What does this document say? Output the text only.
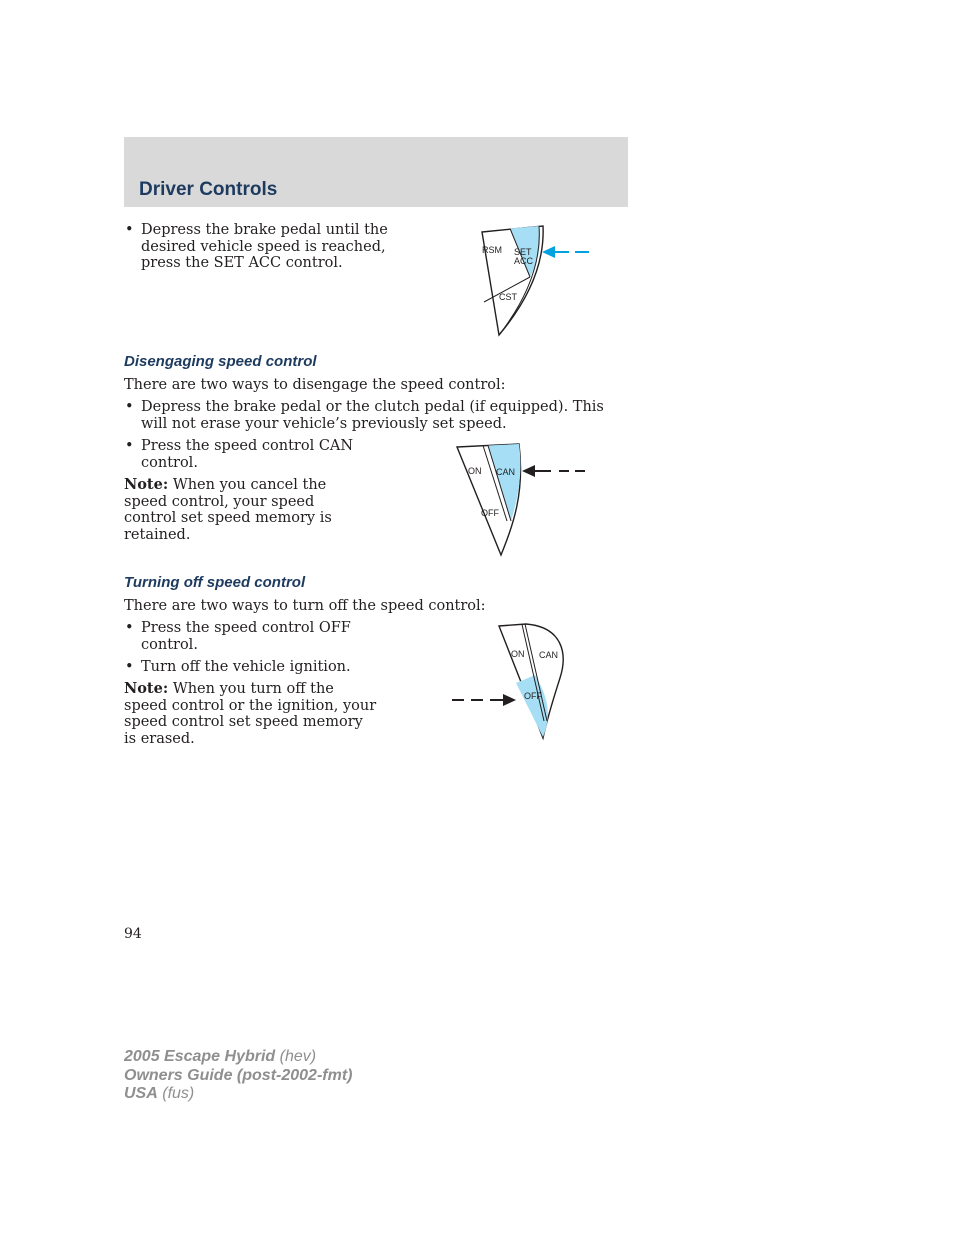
Driver Controls
• Depress the brake pedal until the desired vehicle speed is reached, press the SET ACC control.
RSM SET
ACC
CST
Disengaging speed control
There are two ways to disengage the speed control:
• Depress the brake pedal or the clutch pedal (if equipped). This will not erase your vehicle’s previously set speed.
• Press the speed control CAN control.
Note: When you cancel the speed control, your speed control set speed memory is retained.
ON CAN
OFF
Turning off speed control
There are two ways to turn off the speed control:
• Press the speed control OFF control.
• Turn off the vehicle ignition.
Note: When you turn off the speed control or the ignition, your speed control set speed memory is erased.
ON CAN
OFF
94
2005 Escape Hybrid (hev)
Owners Guide (post-2002-fmt)
USA (fus)
